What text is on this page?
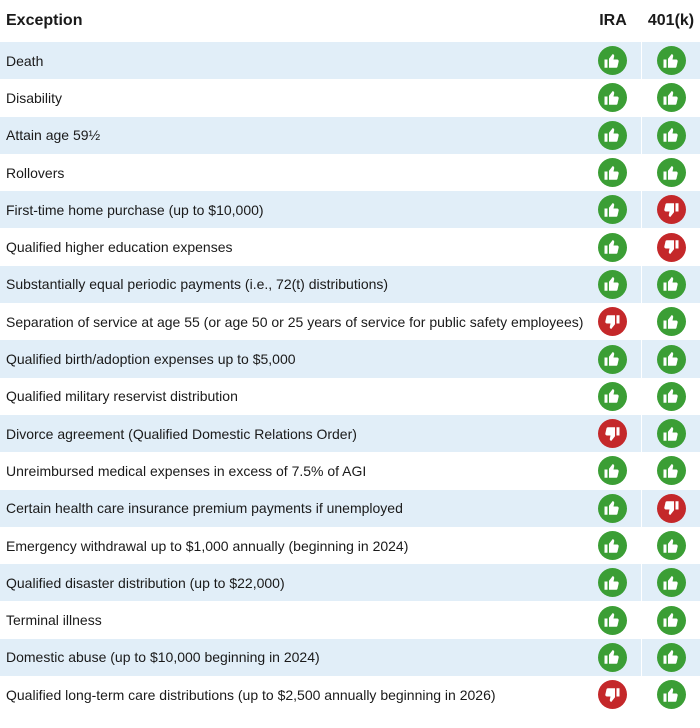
Exception	IRA	401(k)
Death
Disability
Attain age 59½
Rollovers
First-time home purchase (up to $10,000)
Qualified higher education expenses
Substantially equal periodic payments (i.e., 72(t) distributions)
Separation of service at age 55 (or age 50 or 25 years of service for public safety employees)
Qualified birth/adoption expenses up to $5,000
Qualified military reservist distribution
Divorce agreement (Qualified Domestic Relations Order)
Unreimbursed medical expenses in excess of 7.5% of AGI
Certain health care insurance premium payments if unemployed
Emergency withdrawal up to $1,000 annually (beginning in 2024)
Qualified disaster distribution (up to $22,000)
Terminal illness
Domestic abuse (up to $10,000 beginning in 2024)
Qualified long-term care distributions (up to $2,500 annually beginning in 2026)
